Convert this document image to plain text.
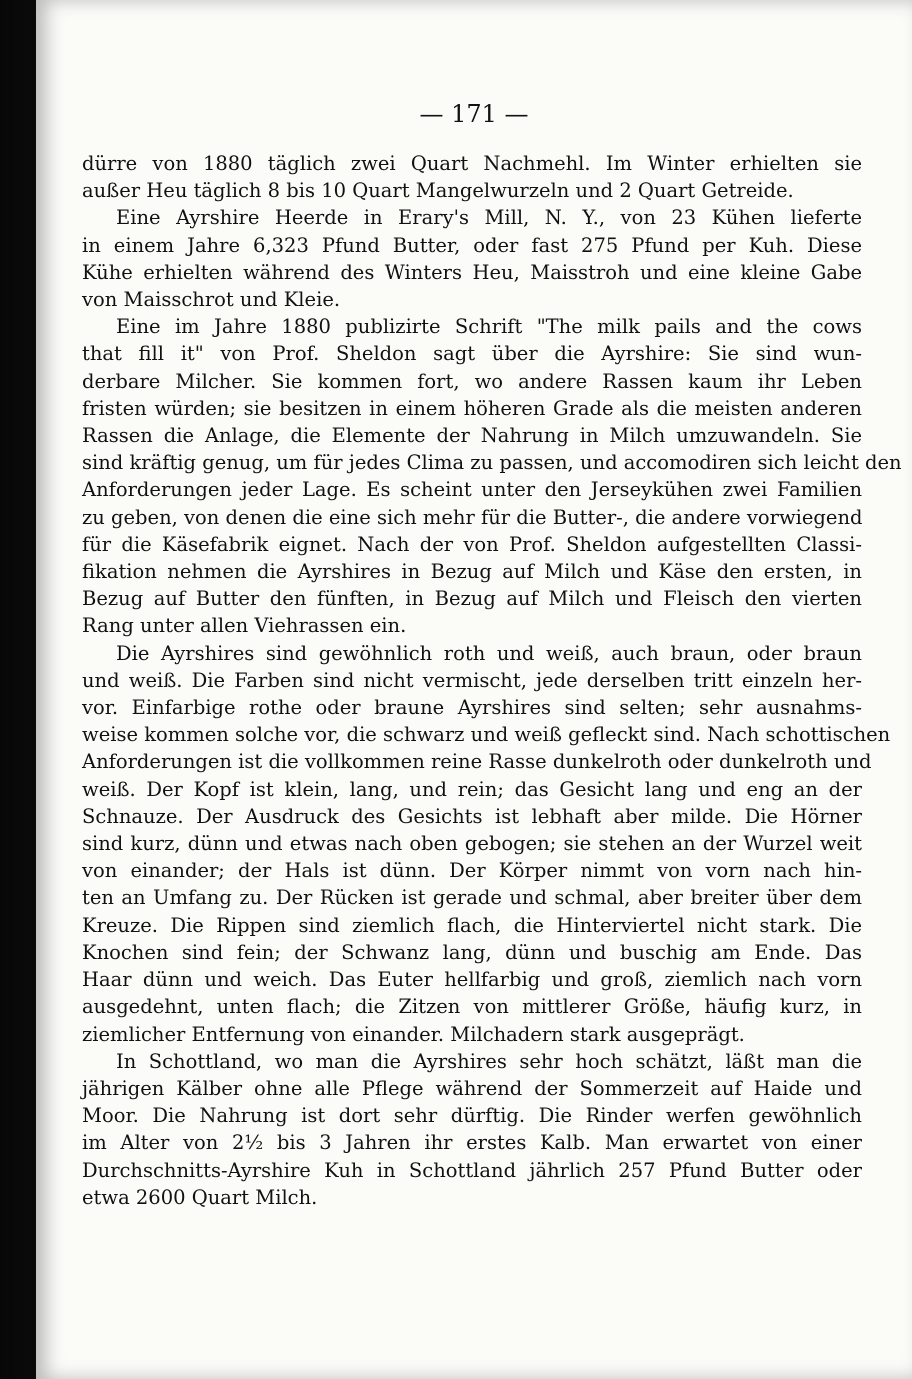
— 171 —
dürre von 1880 täglich zwei Quart Nachmehl. Im Winter erhielten sie
außer Heu täglich 8 bis 10 Quart Mangelwurzeln und 2 Quart Getreide.
Eine Ayrshire Heerde in Erary's Mill, N. Y., von 23 Kühen lieferte
in einem Jahre 6,323 Pfund Butter, oder fast 275 Pfund per Kuh. Diese
Kühe erhielten während des Winters Heu, Maisstroh und eine kleine Gabe
von Maisschrot und Kleie.
Eine im Jahre 1880 publizirte Schrift "The milk pails and the cows
that fill it" von Prof. Sheldon sagt über die Ayrshire: Sie sind wun-
derbare Milcher. Sie kommen fort, wo andere Rassen kaum ihr Leben
fristen würden; sie besitzen in einem höheren Grade als die meisten anderen
Rassen die Anlage, die Elemente der Nahrung in Milch umzuwandeln. Sie
sind kräftig genug, um für jedes Clima zu passen, und accomodiren sich leicht den
Anforderungen jeder Lage. Es scheint unter den Jerseykühen zwei Familien
zu geben, von denen die eine sich mehr für die Butter-, die andere vorwiegend
für die Käsefabrik eignet. Nach der von Prof. Sheldon aufgestellten Classi-
fikation nehmen die Ayrshires in Bezug auf Milch und Käse den ersten, in
Bezug auf Butter den fünften, in Bezug auf Milch und Fleisch den vierten
Rang unter allen Viehrassen ein.
Die Ayrshires sind gewöhnlich roth und weiß, auch braun, oder braun
und weiß. Die Farben sind nicht vermischt, jede derselben tritt einzeln her-
vor. Einfarbige rothe oder braune Ayrshires sind selten; sehr ausnahms-
weise kommen solche vor, die schwarz und weiß gefleckt sind. Nach schottischen
Anforderungen ist die vollkommen reine Rasse dunkelroth oder dunkelroth und
weiß. Der Kopf ist klein, lang, und rein; das Gesicht lang und eng an der
Schnauze. Der Ausdruck des Gesichts ist lebhaft aber milde. Die Hörner
sind kurz, dünn und etwas nach oben gebogen; sie stehen an der Wurzel weit
von einander; der Hals ist dünn. Der Körper nimmt von vorn nach hin-
ten an Umfang zu. Der Rücken ist gerade und schmal, aber breiter über dem
Kreuze. Die Rippen sind ziemlich flach, die Hinterviertel nicht stark. Die
Knochen sind fein; der Schwanz lang, dünn und buschig am Ende. Das
Haar dünn und weich. Das Euter hellfarbig und groß, ziemlich nach vorn
ausgedehnt, unten flach; die Zitzen von mittlerer Größe, häufig kurz, in
ziemlicher Entfernung von einander. Milchadern stark ausgeprägt.
In Schottland, wo man die Ayrshires sehr hoch schätzt, läßt man die
jährigen Kälber ohne alle Pflege während der Sommerzeit auf Haide und
Moor. Die Nahrung ist dort sehr dürftig. Die Rinder werfen gewöhnlich
im Alter von 2½ bis 3 Jahren ihr erstes Kalb. Man erwartet von einer
Durchschnitts-Ayrshire Kuh in Schottland jährlich 257 Pfund Butter oder
etwa 2600 Quart Milch.
